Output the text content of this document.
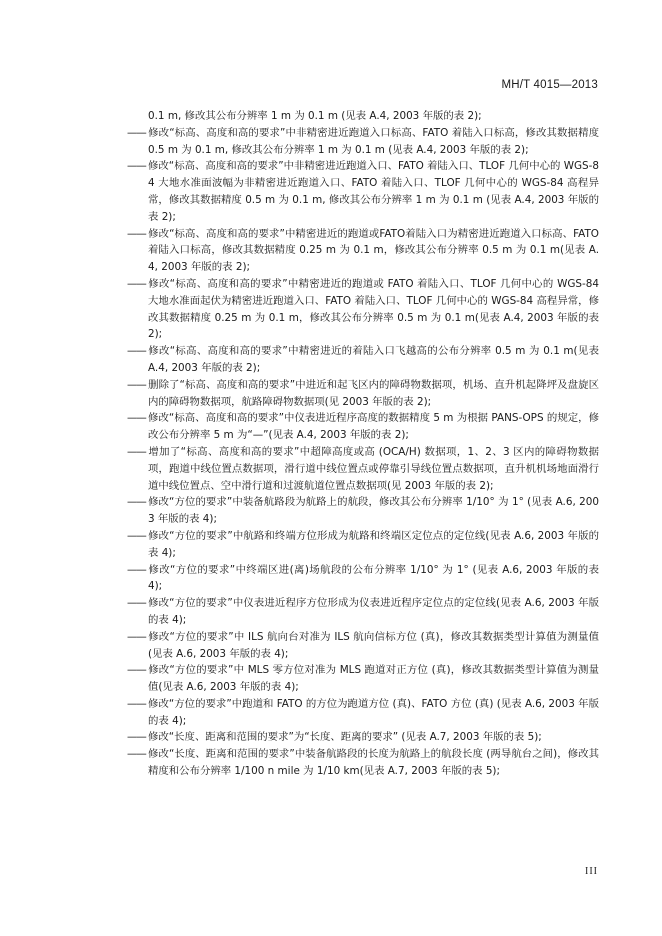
MH/T 4015—2013

0.1 m, 修改其公布分辨率 1 m 为 0.1 m (见表 A.4, 2003 年版的表 2);

—— 修改“标高、高度和高的要求”中非精密进近跑道入口标高、FATO 着陆入口标高，修改其数据精度 0.5 m 为 0.1 m, 修改其公布分辨率 1 m 为 0.1 m (见表 A.4, 2003 年版的表 2);

—— 修改“标高、高度和高的要求”中非精密进近跑道入口、FATO 着陆入口、TLOF 几何中心的 WGS-84 大地水准面波幅为非精密进近跑道入口、FATO 着陆入口、TLOF 几何中心的 WGS-84 高程异常，修改其数据精度 0.5 m 为 0.1 m, 修改其公布分辨率 1 m 为 0.1 m (见表 A.4, 2003 年版的表 2);

—— 修改“标高、高度和高的要求”中精密进近的跑道或FATO着陆入口为精密进近跑道入口标高、FATO 着陆入口标高，修改其数据精度 0.25 m 为 0.1 m，修改其公布分辨率 0.5 m 为 0.1 m(见表 A.4, 2003 年版的表 2);

—— 修改“标高、高度和高的要求”中精密进近的跑道或 FATO 着陆入口、TLOF 几何中心的 WGS-84 大地水准面起伏为精密进近跑道入口、FATO 着陆入口、TLOF 几何中心的 WGS-84 高程异常，修改其数据精度 0.25 m 为 0.1 m，修改其公布分辨率 0.5 m 为 0.1 m(见表 A.4, 2003 年版的表 2);

—— 修改“标高、高度和高的要求”中精密进近的着陆入口飞越高的公布分辨率 0.5 m 为 0.1 m(见表 A.4, 2003 年版的表 2);

—— 删除了“标高、高度和高的要求”中进近和起飞区内的障碍物数据项，机场、直升机起降坪及盘旋区内的障碍物数据项，航路障碍物数据项(见 2003 年版的表 2);

—— 修改“标高、高度和高的要求”中仪表进近程序高度的数据精度 5 m 为根据 PANS-OPS 的规定，修改公布分辨率 5 m 为“—”(见表 A.4, 2003 年版的表 2);

—— 增加了“标高、高度和高的要求”中超障高度或高 (OCA/H) 数据项，1、2、3 区内的障碍物数据项，跑道中线位置点数据项，滑行道中线位置点或停靠引导线位置点数据项，直升机机场地面滑行道中线位置点、空中滑行道和过渡航道位置点数据项(见 2003 年版的表 2);

—— 修改“方位的要求”中装备航路段为航路上的航段，修改其公布分辨率 1/10° 为 1° (见表 A.6, 2003 年版的表 4);

—— 修改“方位的要求”中航路和终端方位形成为航路和终端区定位点的定位线(见表 A.6, 2003 年版的表 4);

—— 修改“方位的要求”中终端区进(离)场航段的公布分辨率 1/10° 为 1° (见表 A.6, 2003 年版的表 4);

—— 修改“方位的要求”中仪表进近程序方位形成为仪表进近程序定位点的定位线(见表 A.6, 2003 年版的表 4);

—— 修改“方位的要求”中 ILS 航向台对准为 ILS 航向信标方位 (真)，修改其数据类型计算值为测量值(见表 A.6, 2003 年版的表 4);

—— 修改“方位的要求”中 MLS 零方位对准为 MLS 跑道对正方位 (真)，修改其数据类型计算值为测量值(见表 A.6, 2003 年版的表 4);

—— 修改“方位的要求”中跑道和 FATO 的方位为跑道方位 (真)、FATO 方位 (真) (见表 A.6, 2003 年版的表 4);

—— 修改“长度、距离和范围的要求”为“长度、距离的要求” (见表 A.7, 2003 年版的表 5);

—— 修改“长度、距离和范围的要求”中装备航路段的长度为航路上的航段长度 (两导航台之间)，修改其精度和公布分辨率 1/100 n mile 为 1/10 km(见表 A.7, 2003 年版的表 5);

III
